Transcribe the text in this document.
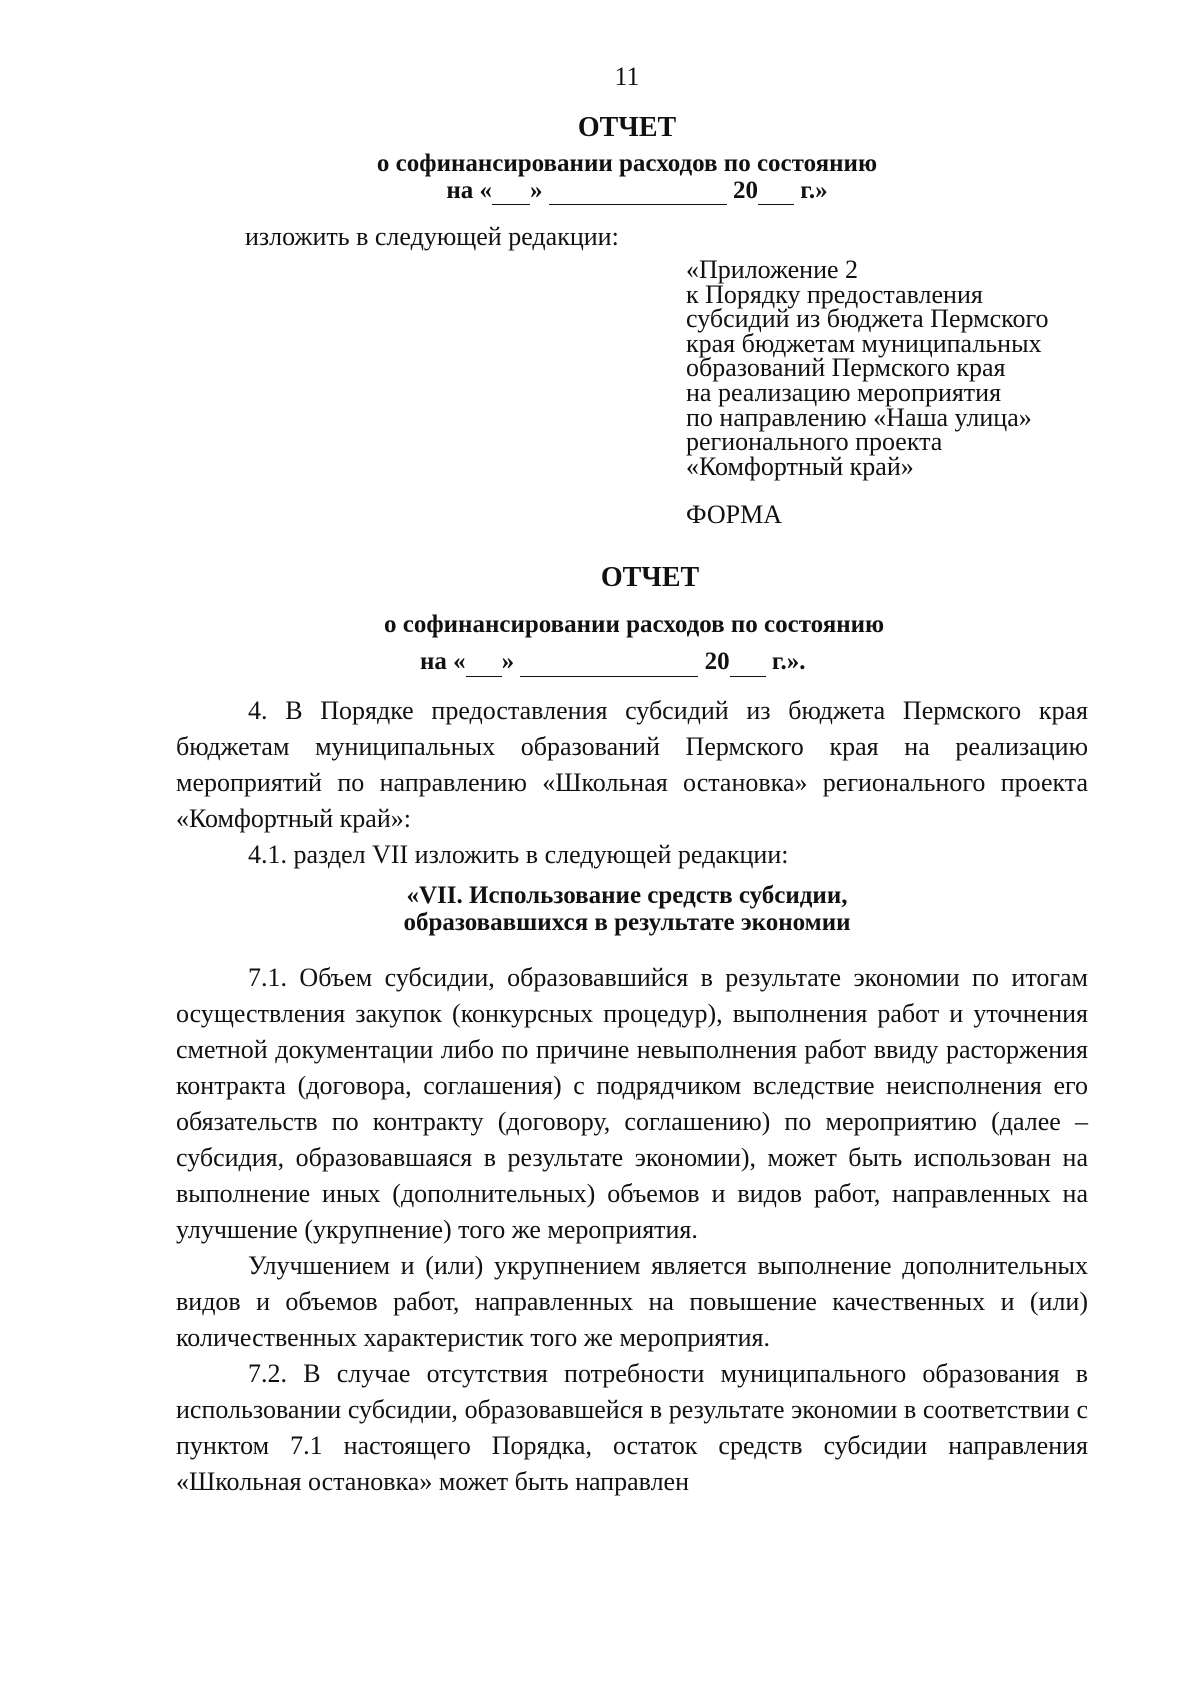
11
ОТЧЕТ
о софинансировании расходов по состоянию
на « »	20  г.»
изложить в следующей редакции:
«Приложение 2
к Порядку предоставления
субсидий из бюджета Пермского
края бюджетам муниципальных
образований Пермского края
на реализацию мероприятия
по направлению «Наша улица»
регионального проекта
«Комфортный край»
ФОРМА
ОТЧЕТ
о софинансировании расходов по состоянию
на « »	20  г.».

4. В Порядке предоставления субсидий из бюджета Пермского края бюджетам муниципальных образований Пермского края на реализацию мероприятий по направлению «Школьная остановка» регионального проекта «Комфортный край»:

4.1. раздел VII изложить в следующей редакции:

«VII. Использование средств субсидии,
образовавшихся в результате экономии

7.1. Объем субсидии, образовавшийся в результате экономии по итогам осуществления закупок (конкурсных процедур), выполнения работ и уточнения сметной документации либо по причине невыполнения работ ввиду расторжения контракта (договора, соглашения) с подрядчиком вследствие неисполнения его обязательств по контракту (договору, соглашению) по мероприятию (далее – субсидия, образовавшаяся в результате экономии), может быть использован на выполнение иных (дополнительных) объемов и видов работ, направленных на улучшение (укрупнение) того же мероприятия.

Улучшением и (или) укрупнением является выполнение дополнительных видов и объемов работ, направленных на повышение качественных и (или) количественных характеристик того же мероприятия.

7.2. В случае отсутствия потребности муниципального образования в использовании субсидии, образовавшейся в результате экономии в соответствии с пунктом 7.1 настоящего Порядка, остаток средств субсидии направления «Школьная остановка» может быть направлен
